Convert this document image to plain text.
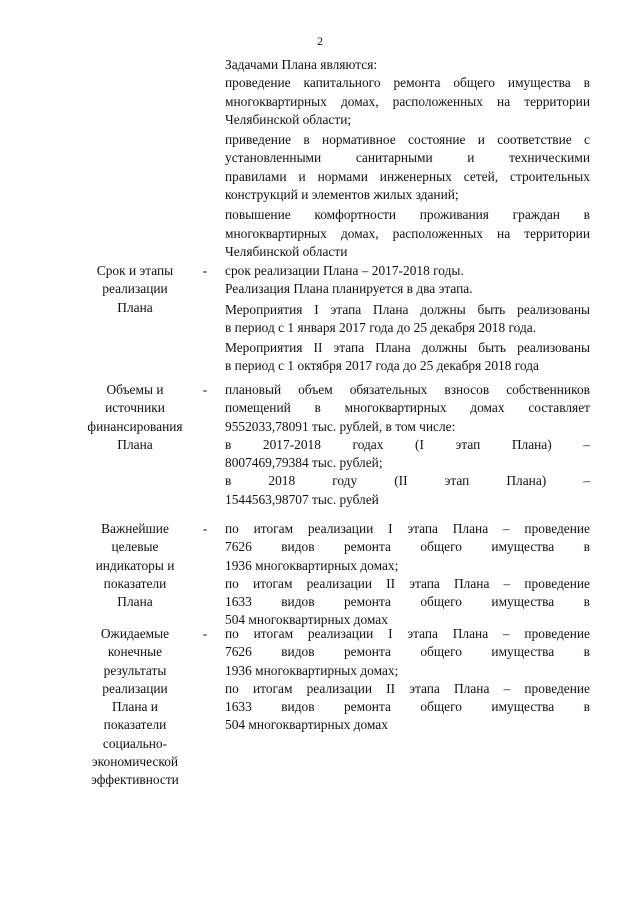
2
Задачами Плана являются:
проведение капитального ремонта общего имущества в
многоквартирных домах, расположенных на территории
Челябинской области;
приведение в нормативное состояние и соответствие с
установленными санитарными и техническими
правилами и нормами инженерных сетей, строительных
конструкций и элементов жилых зданий;
повышение комфортности проживания граждан в
многоквартирных домах, расположенных на территории
Челябинской области
Срок и этапы
реализации
Плана
- срок реализации Плана – 2017-2018 годы.
Реализация Плана планируется в два этапа.
Мероприятия I этапа Плана должны быть реализованы
в период с 1 января 2017 года до 25 декабря 2018 года.
Мероприятия II этапа Плана должны быть реализованы
в период с 1 октября 2017 года до 25 декабря 2018 года
Объемы и
источники
финансирования
Плана
- плановый объем обязательных взносов собственников
помещений в многоквартирных домах составляет
9552033,78091 тыс. рублей, в том числе:
в 2017-2018 годах (I этап Плана) –
8007469,79384 тыс. рублей;
в 2018 году (II этап Плана) –
1544563,98707 тыс. рублей
Важнейшие
целевые
индикаторы и
показатели
Плана
- по итогам реализации I этапа Плана – проведение
7626 видов ремонта общего имущества в
1936 многоквартирных домах;
по итогам реализации II этапа Плана – проведение
1633 видов ремонта общего имущества в
504 многоквартирных домах
Ожидаемые
конечные
результаты
реализации
Плана и
показатели
социально-
экономической
эффективности
- по итогам реализации I этапа Плана – проведение
7626 видов ремонта общего имущества в
1936 многоквартирных домах;
по итогам реализации II этапа Плана – проведение
1633 видов ремонта общего имущества в
504 многоквартирных домах
